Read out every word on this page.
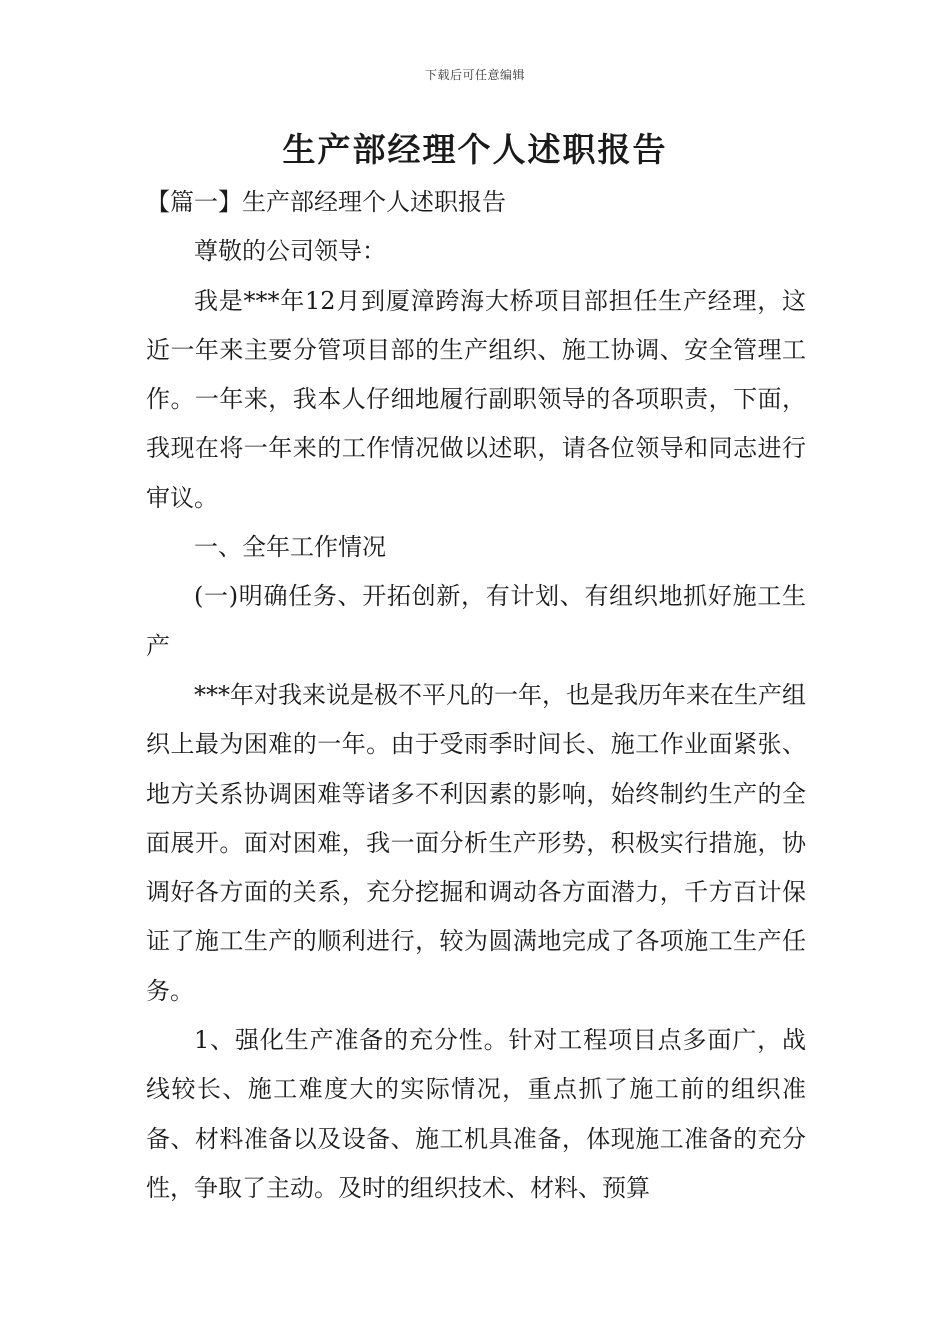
下载后可任意编辑
生产部经理个人述职报告

【篇一】生产部经理个人述职报告

尊敬的公司领导：

我是***年12月到厦漳跨海大桥项目部担任生产经理，这近一年来主要分管项目部的生产组织、施工协调、安全管理工作。一年来，我本人仔细地履行副职领导的各项职责，下面，我现在将一年来的工作情况做以述职，请各位领导和同志进行审议。

一、全年工作情况

(一)明确任务、开拓创新，有计划、有组织地抓好施工生产

***年对我来说是极不平凡的一年，也是我历年来在生产组织上最为困难的一年。由于受雨季时间长、施工作业面紧张、地方关系协调困难等诸多不利因素的影响，始终制约生产的全面展开。面对困难，我一面分析生产形势，积极实行措施，协调好各方面的关系，充分挖掘和调动各方面潜力，千方百计保证了施工生产的顺利进行，较为圆满地完成了各项施工生产任务。

1、强化生产准备的充分性。针对工程项目点多面广，战线较长、施工难度大的实际情况，重点抓了施工前的组织准备、材料准备以及设备、施工机具准备，体现施工准备的充分性，争取了主动。及时的组织技术、材料、预算
